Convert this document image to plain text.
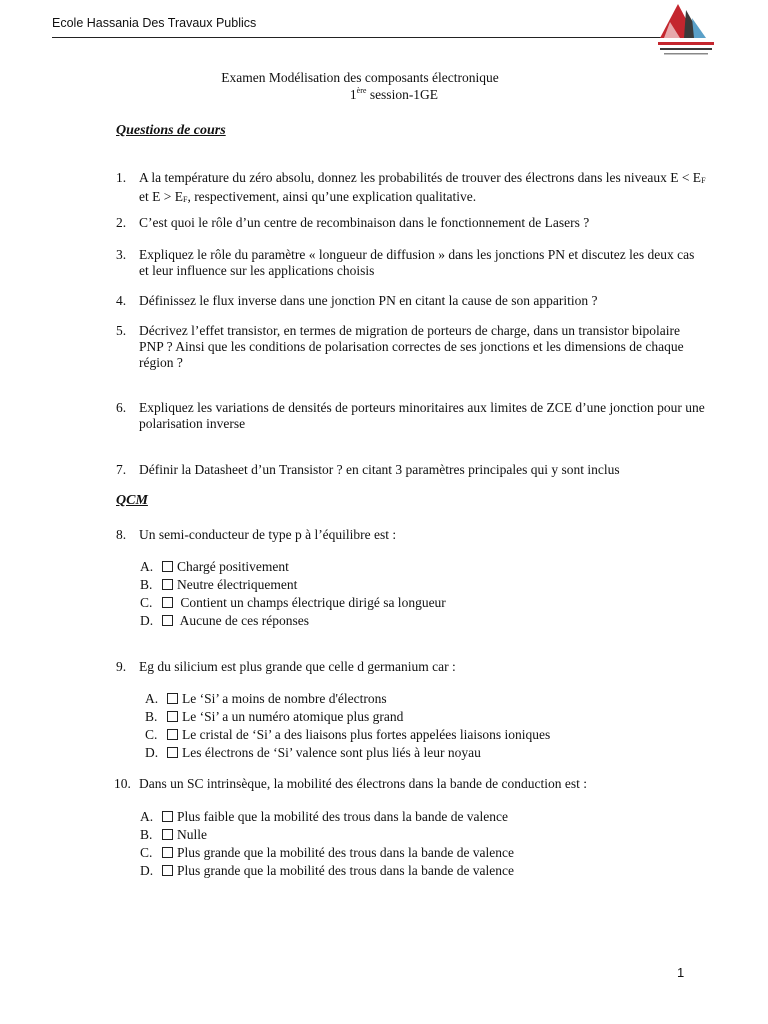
Ecole Hassania Des Travaux Publics
Examen Modélisation des composants électronique
1ère session-1GE
Questions de cours
1. A la température du zéro absolu, donnez les probabilités de trouver des électrons dans les niveaux $E < E_F$ et $E > E_F$, respectivement, ainsi qu’une explication qualitative.
2. C’est quoi le rôle d’un centre de recombinaison dans le fonctionnement de Lasers ?
3. Expliquez le rôle du paramètre « longueur de diffusion » dans les jonctions PN et discutez les deux cas et leur influence sur les applications choisis
4. Définissez le flux inverse dans une jonction PN en citant la cause de son apparition ?
5. Décrivez l’effet transistor, en termes de migration de porteurs de charge, dans un transistor bipolaire PNP ? Ainsi que les conditions de polarisation correctes de ses jonctions et les dimensions de chaque région ?
6. Expliquez les variations de densités de porteurs minoritaires aux limites de ZCE d’une jonction pour une polarisation inverse
7. Définir la Datasheet d’un Transistor ? en citant 3 paramètres principales qui y sont inclus
QCM
8. Un semi-conducteur de type p à l’équilibre est :
A. Chargé positivement
B. Neutre électriquement
C. Contient un champs électrique dirigé sa longueur
D. Aucune de ces réponses
9. Eg du silicium est plus grande que celle d germanium car :
A. Le ‘Si’ a moins de nombre d'électrons
B. Le ‘Si’ a un numéro atomique plus grand
C. Le cristal de ‘Si’ a des liaisons plus fortes appelées liaisons ioniques
D. Les électrons de ‘Si’ valence sont plus liés à leur noyau
10. Dans un SC intrinsèque, la mobilité des électrons dans la bande de conduction est :
A. Plus faible que la mobilité des trous dans la bande de valence
B. Nulle
C. Plus grande que la mobilité des trous dans la bande de valence
D. Plus grande que la mobilité des trous dans la bande de valence
1
